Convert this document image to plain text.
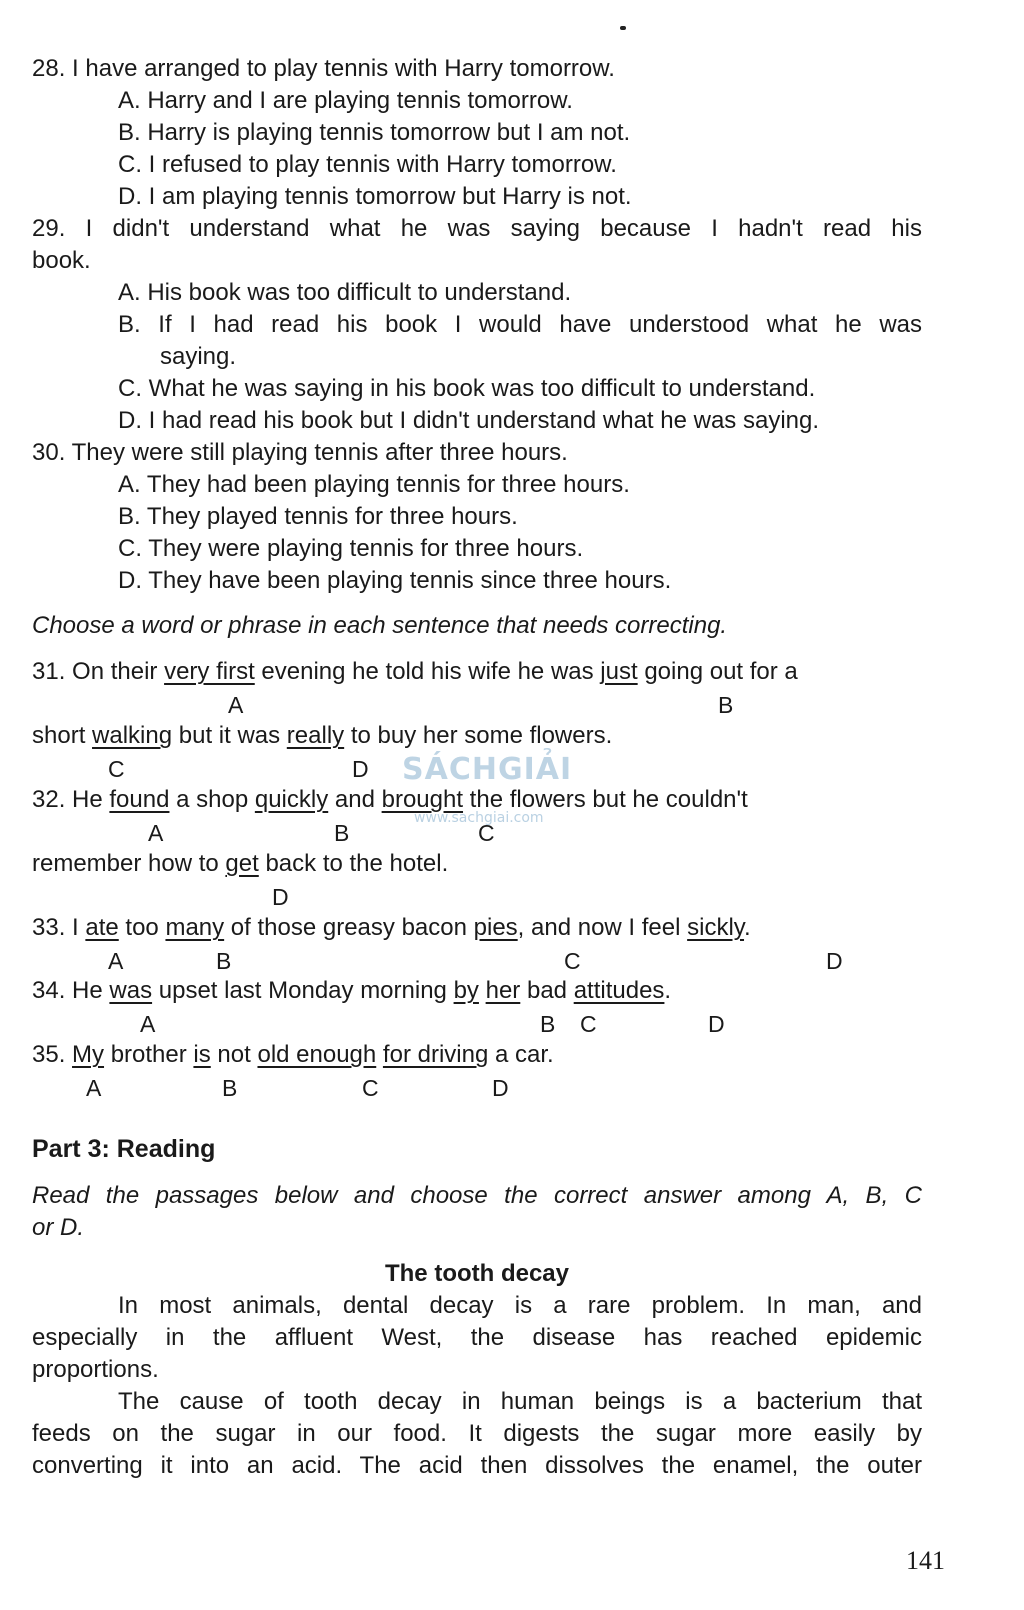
28. I have arranged to play tennis with Harry tomorrow.
A. Harry and I are playing tennis tomorrow.
B. Harry is playing tennis tomorrow but I am not.
C. I refused to play tennis with Harry tomorrow.
D. I am playing tennis tomorrow but Harry is not.
29. I didn't understand what he was saying because I hadn't read his
book.
A. His book was too difficult to understand.
B. If I had read his book I would have understood what he was
saying.
C. What he was saying in his book was too difficult to understand.
D. I had read his book but I didn't understand what he was saying.
30. They were still playing tennis after three hours.
A. They had been playing tennis for three hours.
B. They played tennis for three hours.
C. They were playing tennis for three hours.
D. They have been playing tennis since three hours.
Choose a word or phrase in each sentence that needs correcting.
31. On their very first evening he told his wife he was just going out for a
A	B
short walking but it was really to buy her some flowers.
C	D
32. He found a shop quickly and brought the flowers but he couldn't
A	B	C
remember how to get back to the hotel.
D
33. I ate too many of those greasy bacon pies, and now I feel sickly.
A	B	C	D
34. He was upset last Monday morning by her bad attitudes.
A	B C	D
35. My brother is not old enough for driving a car.
A	B	C	D
Part 3: Reading
Read the passages below and choose the correct answer among A, B, C
or D.
The tooth decay
In most animals, dental decay is a rare problem. In man, and
especially in the affluent West, the disease has reached epidemic
proportions.
The cause of tooth decay in human beings is a bacterium that
feeds on the sugar in our food. It digests the sugar more easily by
converting it into an acid. The acid then dissolves the enamel, the outer
SÁCHGIẢI
www.sachgiai.com
141
